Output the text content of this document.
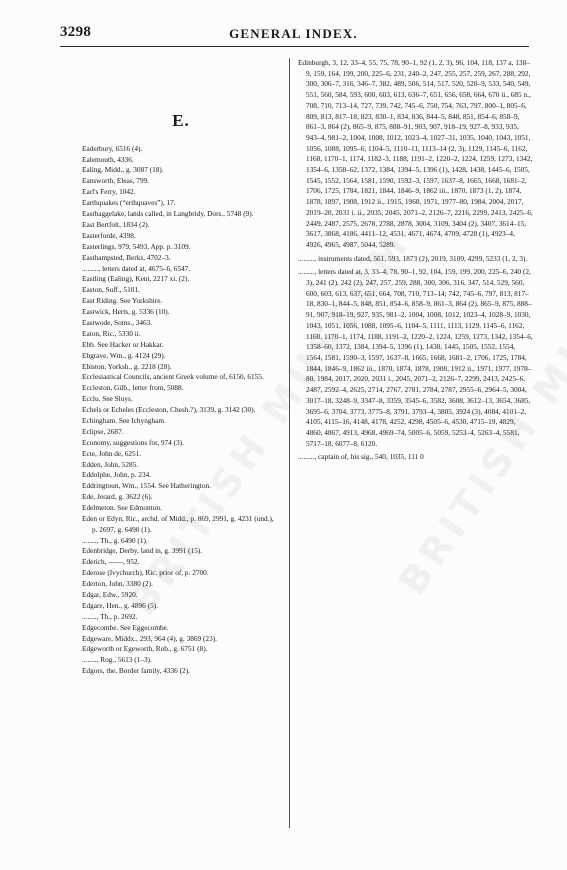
3298	GENERAL INDEX.
E.
Eaderbury, 6516 (4).
Ealemouth, 4336.
Ealing, Midd., g. 3087 (18).
Eansworth, Eleas, 799.
Earl's Ferry, 1042.
Earthquakes (“erthquaves”), 17.
Eastbaggelake, lands called, in Langbridy, Dors., 5748 (9).
East Bertfolt, 1834 (2).
Easterforde, 4398.
Easterlings, 979, 5493, App. p. 3109.
Easthampsted, Berks, 4702–3.
........., letters dated at, 4675–6, 6547.
Eastling (Ealing), Kent, 2217 xi. (2).
Easton, Suff., 5101.
East Riding. See Yorkshire.
Eastwick, Herts, g. 5336 (10).
Eastwode, Soms., 3463.
Eaton, Ric., 5330 ii.
Ebb. See Hacker or Hakkar.
Ebgrave, Wm., g. 4124 (29).
Ebiston, Yorksh., g. 2218 (28).
Ecclesiastical Councils, ancient Greek volume of, 6150, 6155.
Eccleston, Gilb., letter from, 5088.
Ecclu. See Sluys.
Echels or Echeles (Eccleston, Chesh.?), 3139, g. 3142 (30).
Echingham. See Ichyngham.
Eclipse, 2687.
Economy, suggestions for, 974 (3).
Ecte, John de, 6251.
Edden, John, 5285.
Eddolphe, John, p. 234.
Eddringtoun, Wm., 1554. See Hatherington.
Ede, Jerard, g. 3622 (6).
Edelmeton. See Edmonton.
Eden or Edyn, Ric., archd. of Midd., p. 869, 2991, g. 4231 (und.), p. 2697, g. 6490 (1).
........, Th., g. 6490 (1).
Edenbridge, Derby, land in, g. 3991 (15).
Ederich, ——, 952.
Ederose (Ivychurch), Ric. prior of, p. 2700.
Ederton, John, 3380 (2).
Edgar, Edw., 5920.
Edgare, Hen., g. 4896 (5).
........, Th., p. 2692.
Edgecombe. See Eggecombe.
Edgeware, Middx., 293, 964 (4), g. 3869 (23).
Edgeworth or Egeworth, Rob., g. 6751 (8).
........, Rog., 5613 (1–3).
Edgors, the, Border family, 4336 (2).
Edinburgh, 3, 12, 33–4, 55, 75, 78, 90–1, 92 (1, 2, 3), 96, 104, 118, 137 a, 138–9, 159, 164, 199, 200, 225–6, 231, 240–2, 247, 255, 257, 259, 267, 288, 292, 300, 306–7, 316, 346–7, 382, 489, 506, 514, 517, 520, 528–9, 533, 540, 549, 551, 560, 584, 593, 600, 603, 613, 636–7, 651, 656, 658, 664, 670 ii., 685 n., 708, 710, 713–14, 727, 739, 742, 745–6, 750, 754, 763, 797, 800–1, 805–6, 809, 813, 817–18, 823, 830–1, 834, 836, 844–5, 848, 851, 854–6, 858–9, 861–3, 864 (2), 865–9, 875, 888–91, 903, 907, 918–19, 927–8, 933, 935, 943–4, 981–2, 1004, 1008, 1012, 1023–4, 1027–31, 1035, 1040, 1043, 1051, 1056, 1088, 1095–6, 1104–5, 1110–11, 1113–14 (2, 3), 1129, 1145–6, 1162, 1168, 1170–1, 1174, 1182–3, 1188, 1191–2, 1220–2, 1224, 1259, 1273, 1342, 1354–6, 1358–62, 1372, 1384, 1394–5, 1396 (1), 1428, 1438, 1445–6, 1505, 1545, 1552, 1564, 1581, 1590, 1592–3, 1597, 1637–8, 1665, 1668, 1681–2, 1706, 1725, 1784, 1821, 1844, 1846–9, 1862 iii., 1870, 1873 (1, 2), 1874, 1878, 1897, 1908, 1912 ii., 1915, 1968, 1971, 1977–80, 1984, 2004, 2017, 2019–20, 2031 i. ii., 2035, 2045, 2071–2, 2126–7, 2216, 2299, 2413, 2425–6, 2449, 2487, 2575, 2678, 2788, 2878, 3004, 3109, 3404 (2), 3407, 3614–15, 3617, 3868, 4186, 4411–12, 4531, 4671, 4674, 4709, 4728 (1), 4923–4, 4926, 4965, 4987, 5044, 5289.
........., instruments dated, 561, 593, 1873 (2), 2019, 3109, 4299, 5233 (1, 2, 3).
........., letters dated at, 3, 33–4, 78, 90–1, 92, 104, 159, 199, 200, 225–6, 240 (2, 3), 241 (2), 242 (2), 247, 257, 259, 288, 300, 306, 316, 347, 514, 529, 560, 600, 603, 613, 637, 651, 664, 708, 710, 713–14; 742, 745–6, 797, 813, 817–18, 830–1, 844–5, 848, 851, 854–6, 858–9, 861–3, 864 (2), 865–9, 875, 888–91, 907, 918–19, 927, 935, 981–2, 1004, 1008, 1012, 1023–4, 1028–9, 1030, 1043, 1051, 1056, 1088, 1095–6, 1104–5, 1111, 1113, 1129, 1145–6, 1162, 1168, 1170–1, 1174, 1188, 1191–2, 1220–2, 1224, 1259, 1273, 1342, 1354–6, 1358–60, 1372, 1384, 1394–5, 1396 (1), 1438, 1445, 1505, 1552, 1554, 1564, 1581, 1590–3, 1597, 1637–8, 1665, 1668, 1681–2, 1706, 1725, 1784, 1844, 1846–9, 1862 iii., 1870, 1874, 1878, 1908, 1912 ii., 1971, 1977, 1978–80, 1984, 2017, 2020, 2031 i., 2045, 2071–2, 2126–7, 2299, 2413, 2425–6, 2487, 2592–4, 2625, 2714, 2767, 2781, 2784, 2787, 2955–6, 2964–5, 3004, 3017–18, 3248–9, 3347–8, 3359, 3545–6, 3582, 3608, 3612–13, 3654, 3685, 3695–6, 3704, 3773, 3775–8, 3791, 3793–4, 3805, 3924 (3), 4084, 4101–2, 4105, 4115–16, 4148, 4178, 4252, 4298, 4505–6, 4530, 4715–19, 4829, 4860, 4867, 4913, 4968, 4969–74, 5005–6, 5059, 5253–4, 5263–4, 5581, 5717–18, 6077–8, 6120.
........., captain of, his sig., 540, 1035, 111 0
